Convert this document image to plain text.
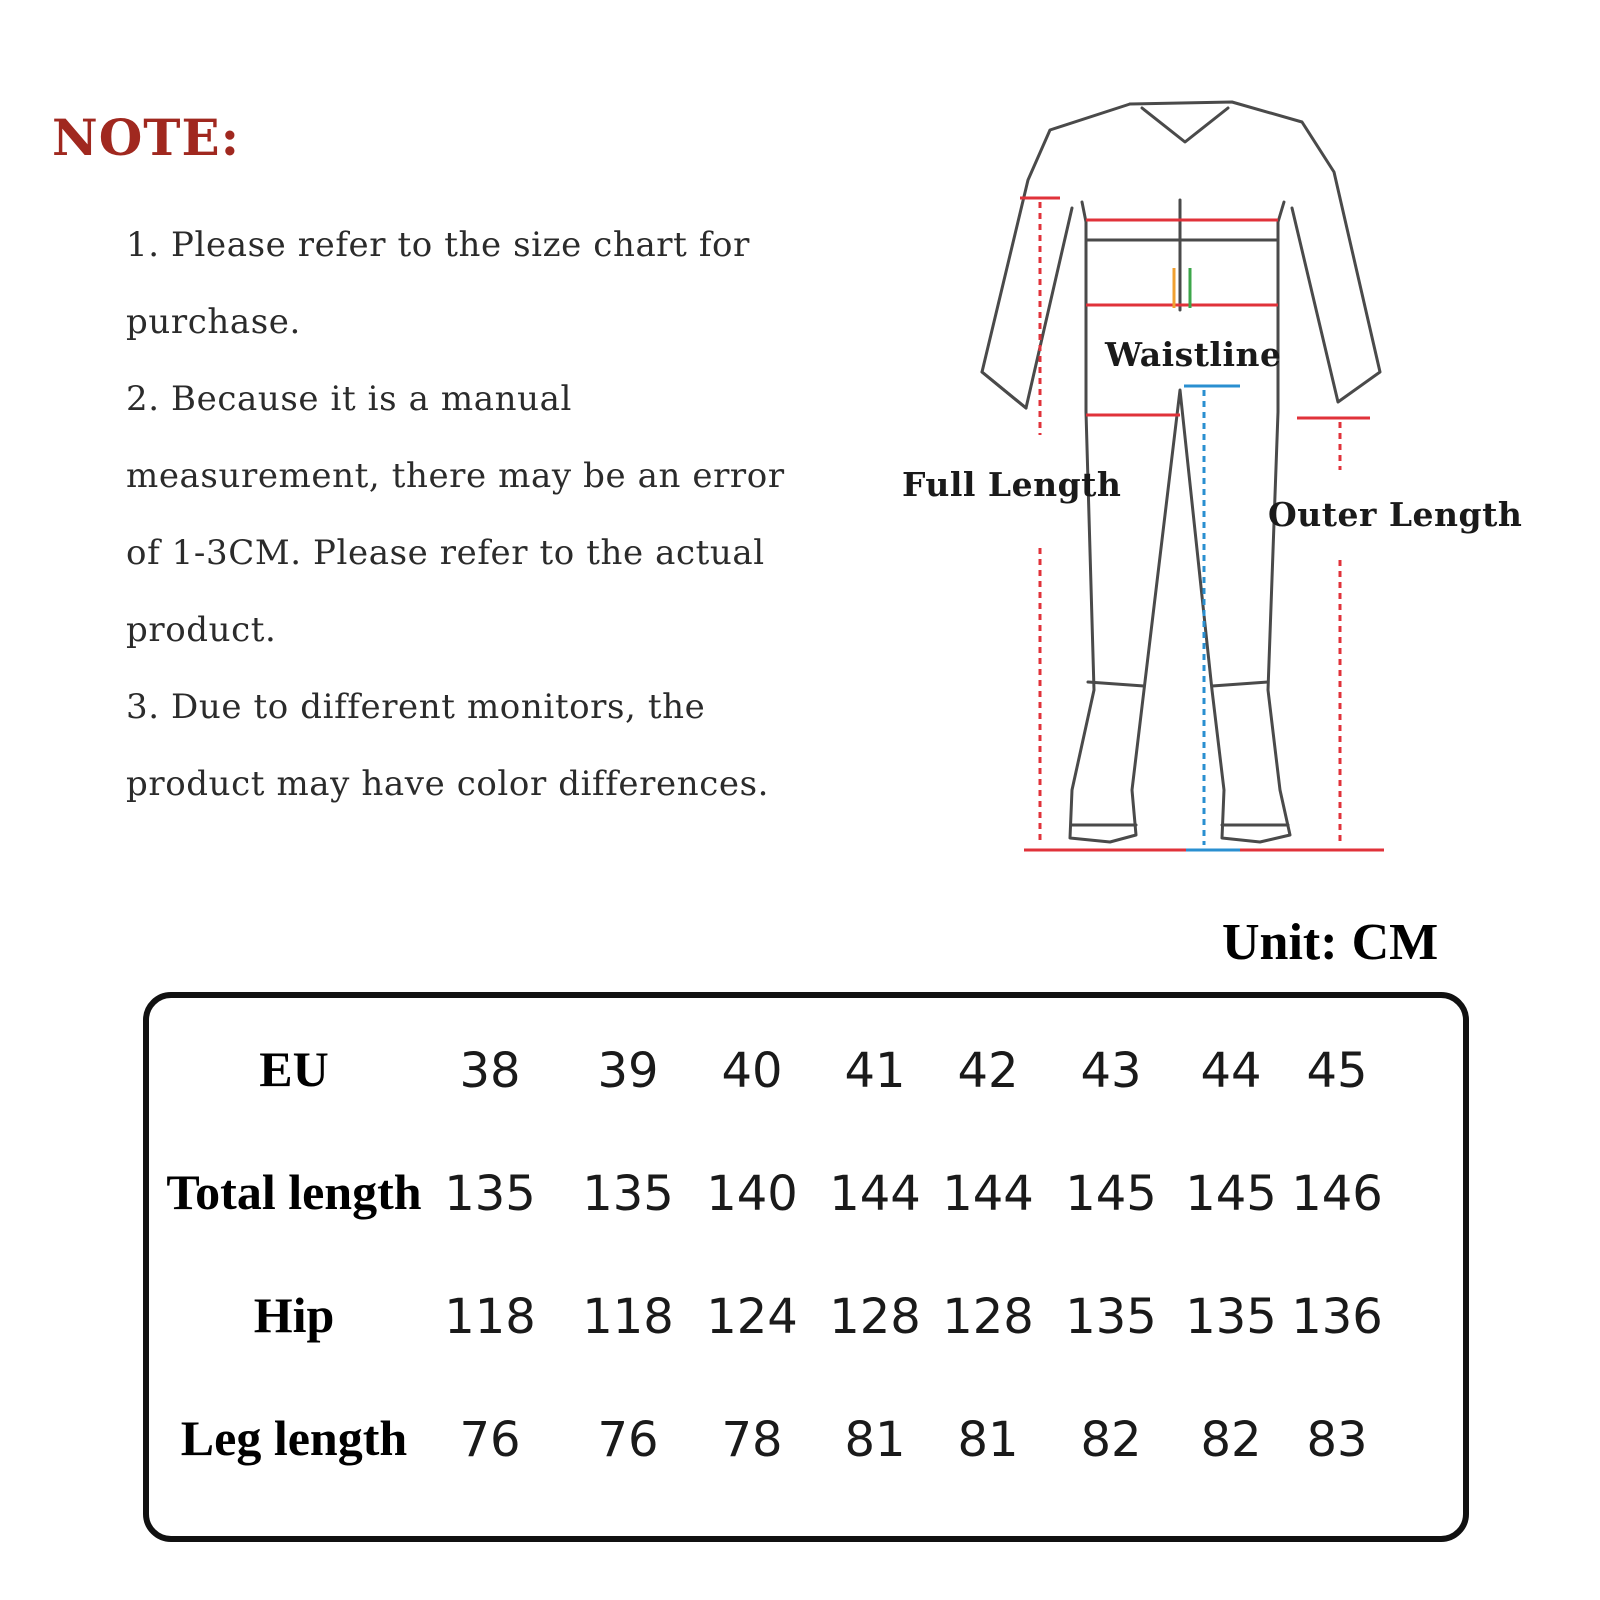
NOTE:
1. Please refer to the size chart for
purchase.
2. Because it is a manual
measurement, there may be an error
of 1-3CM. Please refer to the actual
product.
3. Due to different monitors, the
product may have color differences.
Waistline
Full Length
Outer Length
Unit: CM
EU	38	39	40	41	42	43	44 45
Total length 135 135 140 144 144 145 145 146
Hip	118 118 124 128 128 135 135 136
Leg length	76	76	78	81	81	82	82 83
